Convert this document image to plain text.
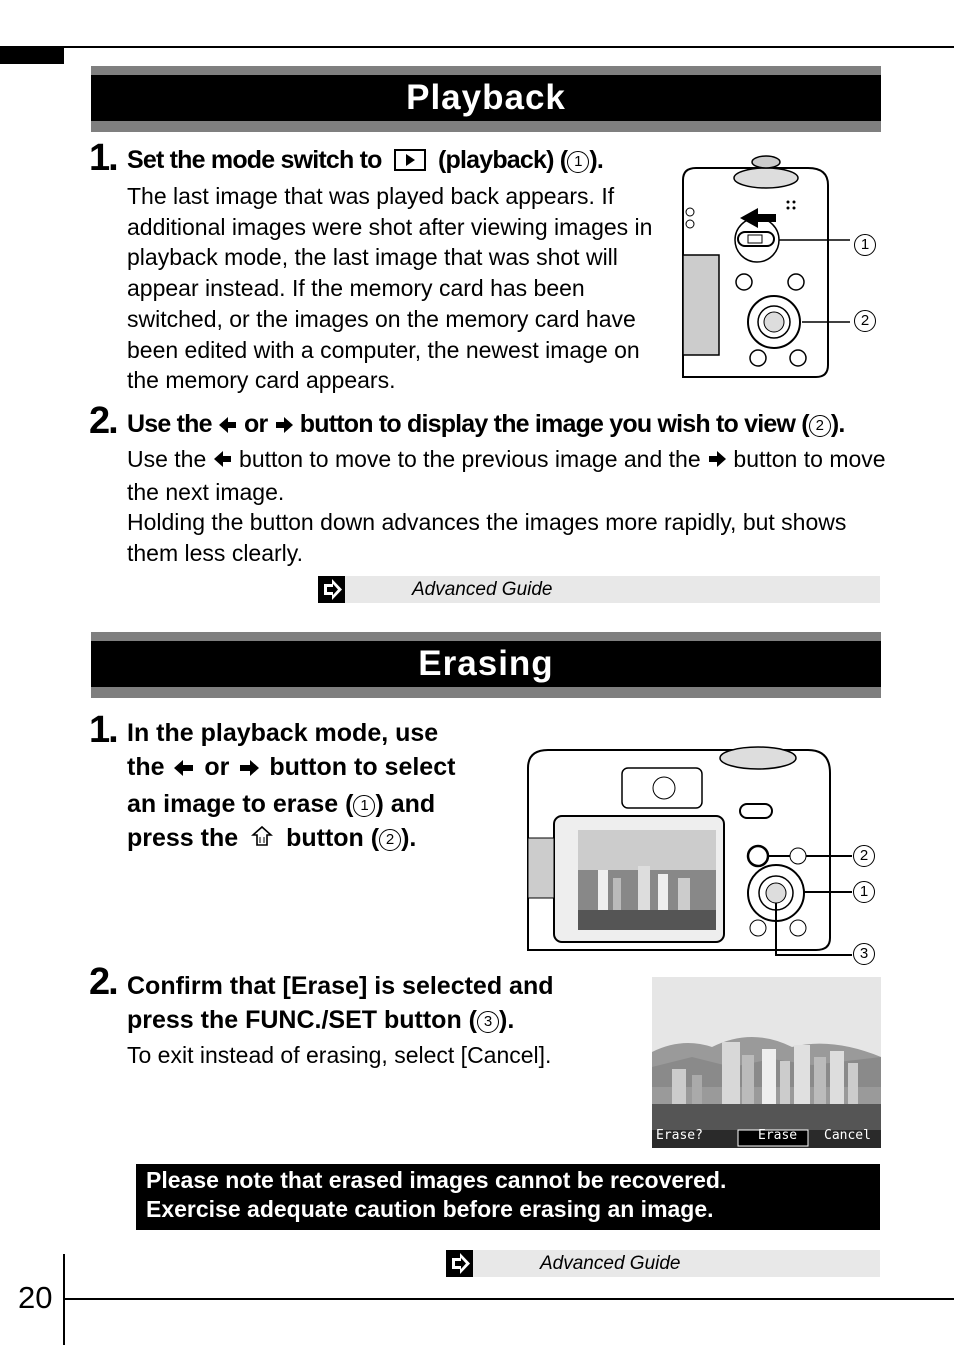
Playback
1. Set the mode switch to (playback) ( 1 ).
The last image that was played back appears. If additional images were shot after viewing images in playback mode, the last image that was shot will appear instead. If the memory card has been switched, or the images on the memory card have been edited with a computer, the newest image on the memory card appears.
1
2
2. Use the or button to display the image you wish to view ( 2 ).
Use the button to move to the previous image and the button to move the next image.
Holding the button down advances the images more rapidly, but shows them less clearly.
Advanced Guide
Erasing
1. In the playback mode, use
the or button to select
an image to erase ( 1 ) and
press the button ( 2 ).
2
1
3
2. Confirm that [Erase] is selected and
press the FUNC./SET button ( 3 ).
To exit instead of erasing, select [Cancel].
Erase?	Erase Cancel
Please note that erased images cannot be recovered.
Exercise adequate caution before erasing an image.
Advanced Guide
20
